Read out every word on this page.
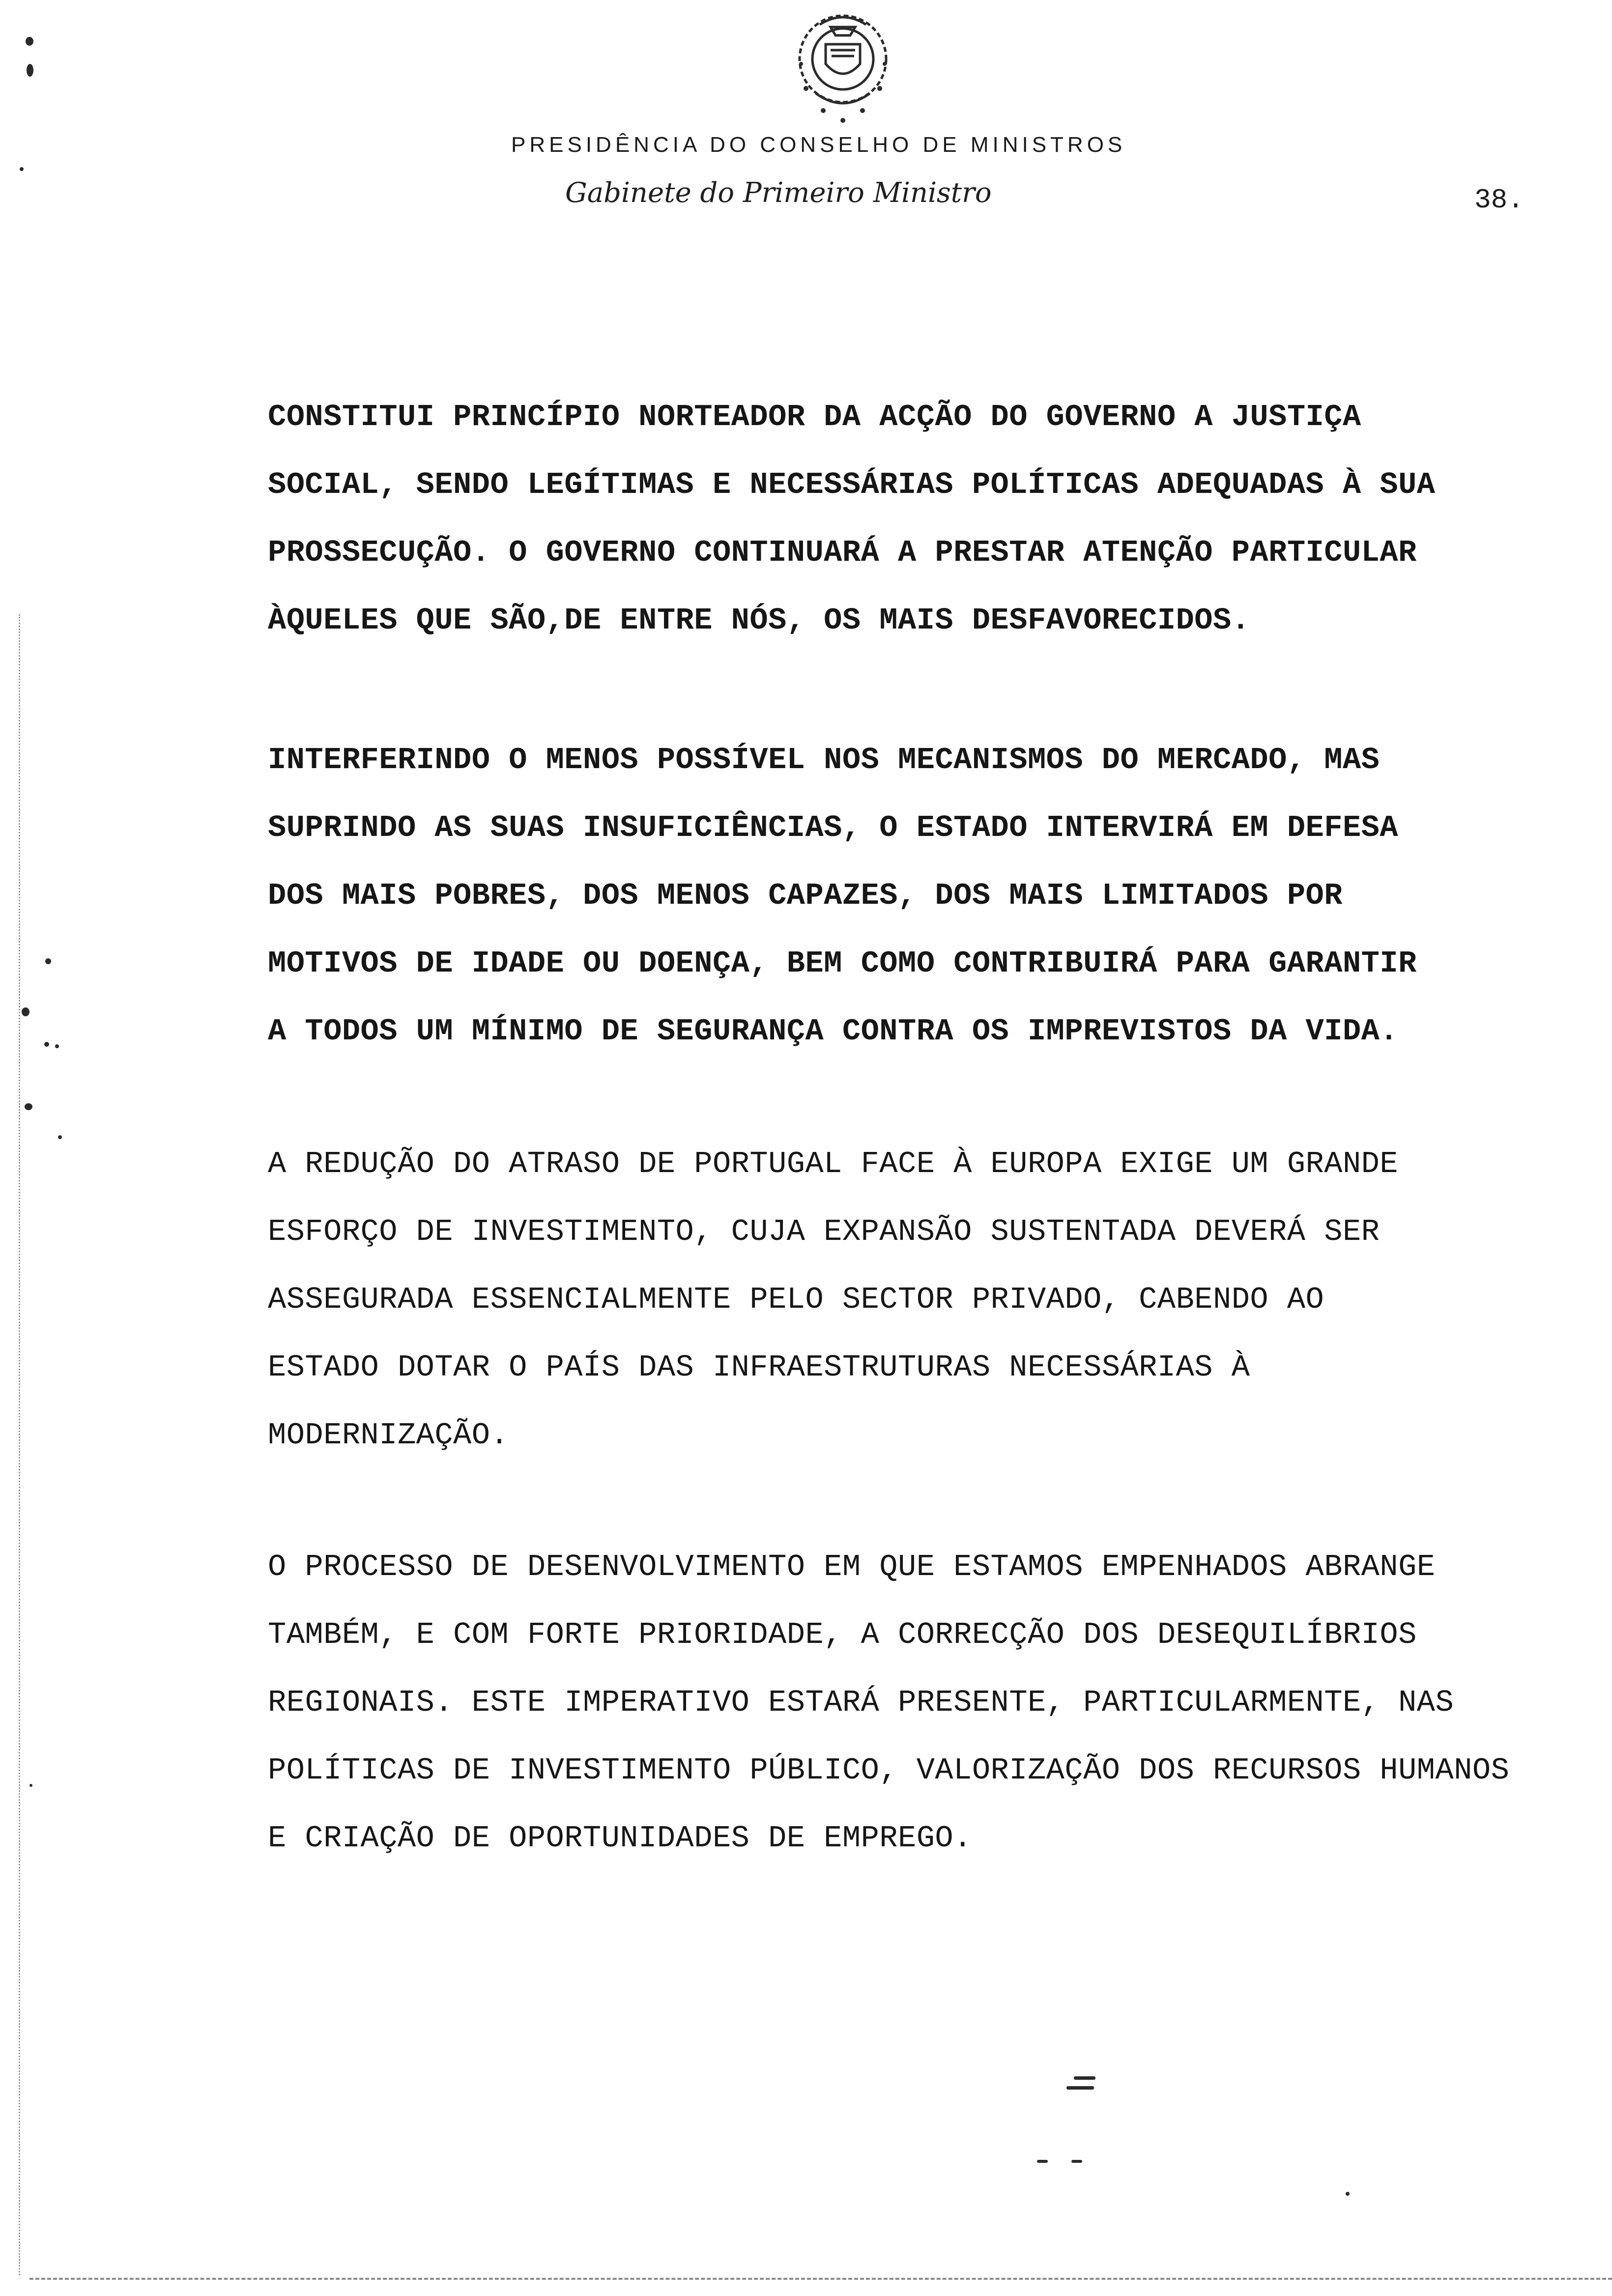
PRESIDÊNCIA DO CONSELHO DE MINISTROS
Gabinete do Primeiro Ministro	38.
CONSTITUI PRINCÍPIO NORTEADOR DA ACÇÃO DO GOVERNO A JUSTIÇA
SOCIAL, SENDO LEGÍTIMAS E NECESSÁRIAS POLÍTICAS ADEQUADAS À SUA
PROSSECUÇÃO. O GOVERNO CONTINUARÁ A PRESTAR ATENÇÃO PARTICULAR
ÀQUELES QUE SÃO,DE ENTRE NÓS, OS MAIS DESFAVORECIDOS.
INTERFERINDO O MENOS POSSÍVEL NOS MECANISMOS DO MERCADO, MAS
SUPRINDO AS SUAS INSUFICIÊNCIAS, O ESTADO INTERVIRÁ EM DEFESA
DOS MAIS POBRES, DOS MENOS CAPAZES, DOS MAIS LIMITADOS POR
MOTIVOS DE IDADE OU DOENÇA, BEM COMO CONTRIBUIRÁ PARA GARANTIR
A TODOS UM MÍNIMO DE SEGURANÇA CONTRA OS IMPREVISTOS DA VIDA.
A REDUÇÃO DO ATRASO DE PORTUGAL FACE À EUROPA EXIGE UM GRANDE
ESFORÇO DE INVESTIMENTO, CUJA EXPANSÃO SUSTENTADA DEVERÁ SER
ASSEGURADA ESSENCIALMENTE PELO SECTOR PRIVADO, CABENDO AO
ESTADO DOTAR O PAÍS DAS INFRAESTRUTURAS NECESSÁRIAS À
MODERNIZAÇÃO.
O PROCESSO DE DESENVOLVIMENTO EM QUE ESTAMOS EMPENHADOS ABRANGE
TAMBÉM, E COM FORTE PRIORIDADE, A CORRECÇÃO DOS DESEQUILÍBRIOS
REGIONAIS. ESTE IMPERATIVO ESTARÁ PRESENTE, PARTICULARMENTE, NAS
POLÍTICAS DE INVESTIMENTO PÚBLICO, VALORIZAÇÃO DOS RECURSOS HUMANOS
E CRIAÇÃO DE OPORTUNIDADES DE EMPREGO.
